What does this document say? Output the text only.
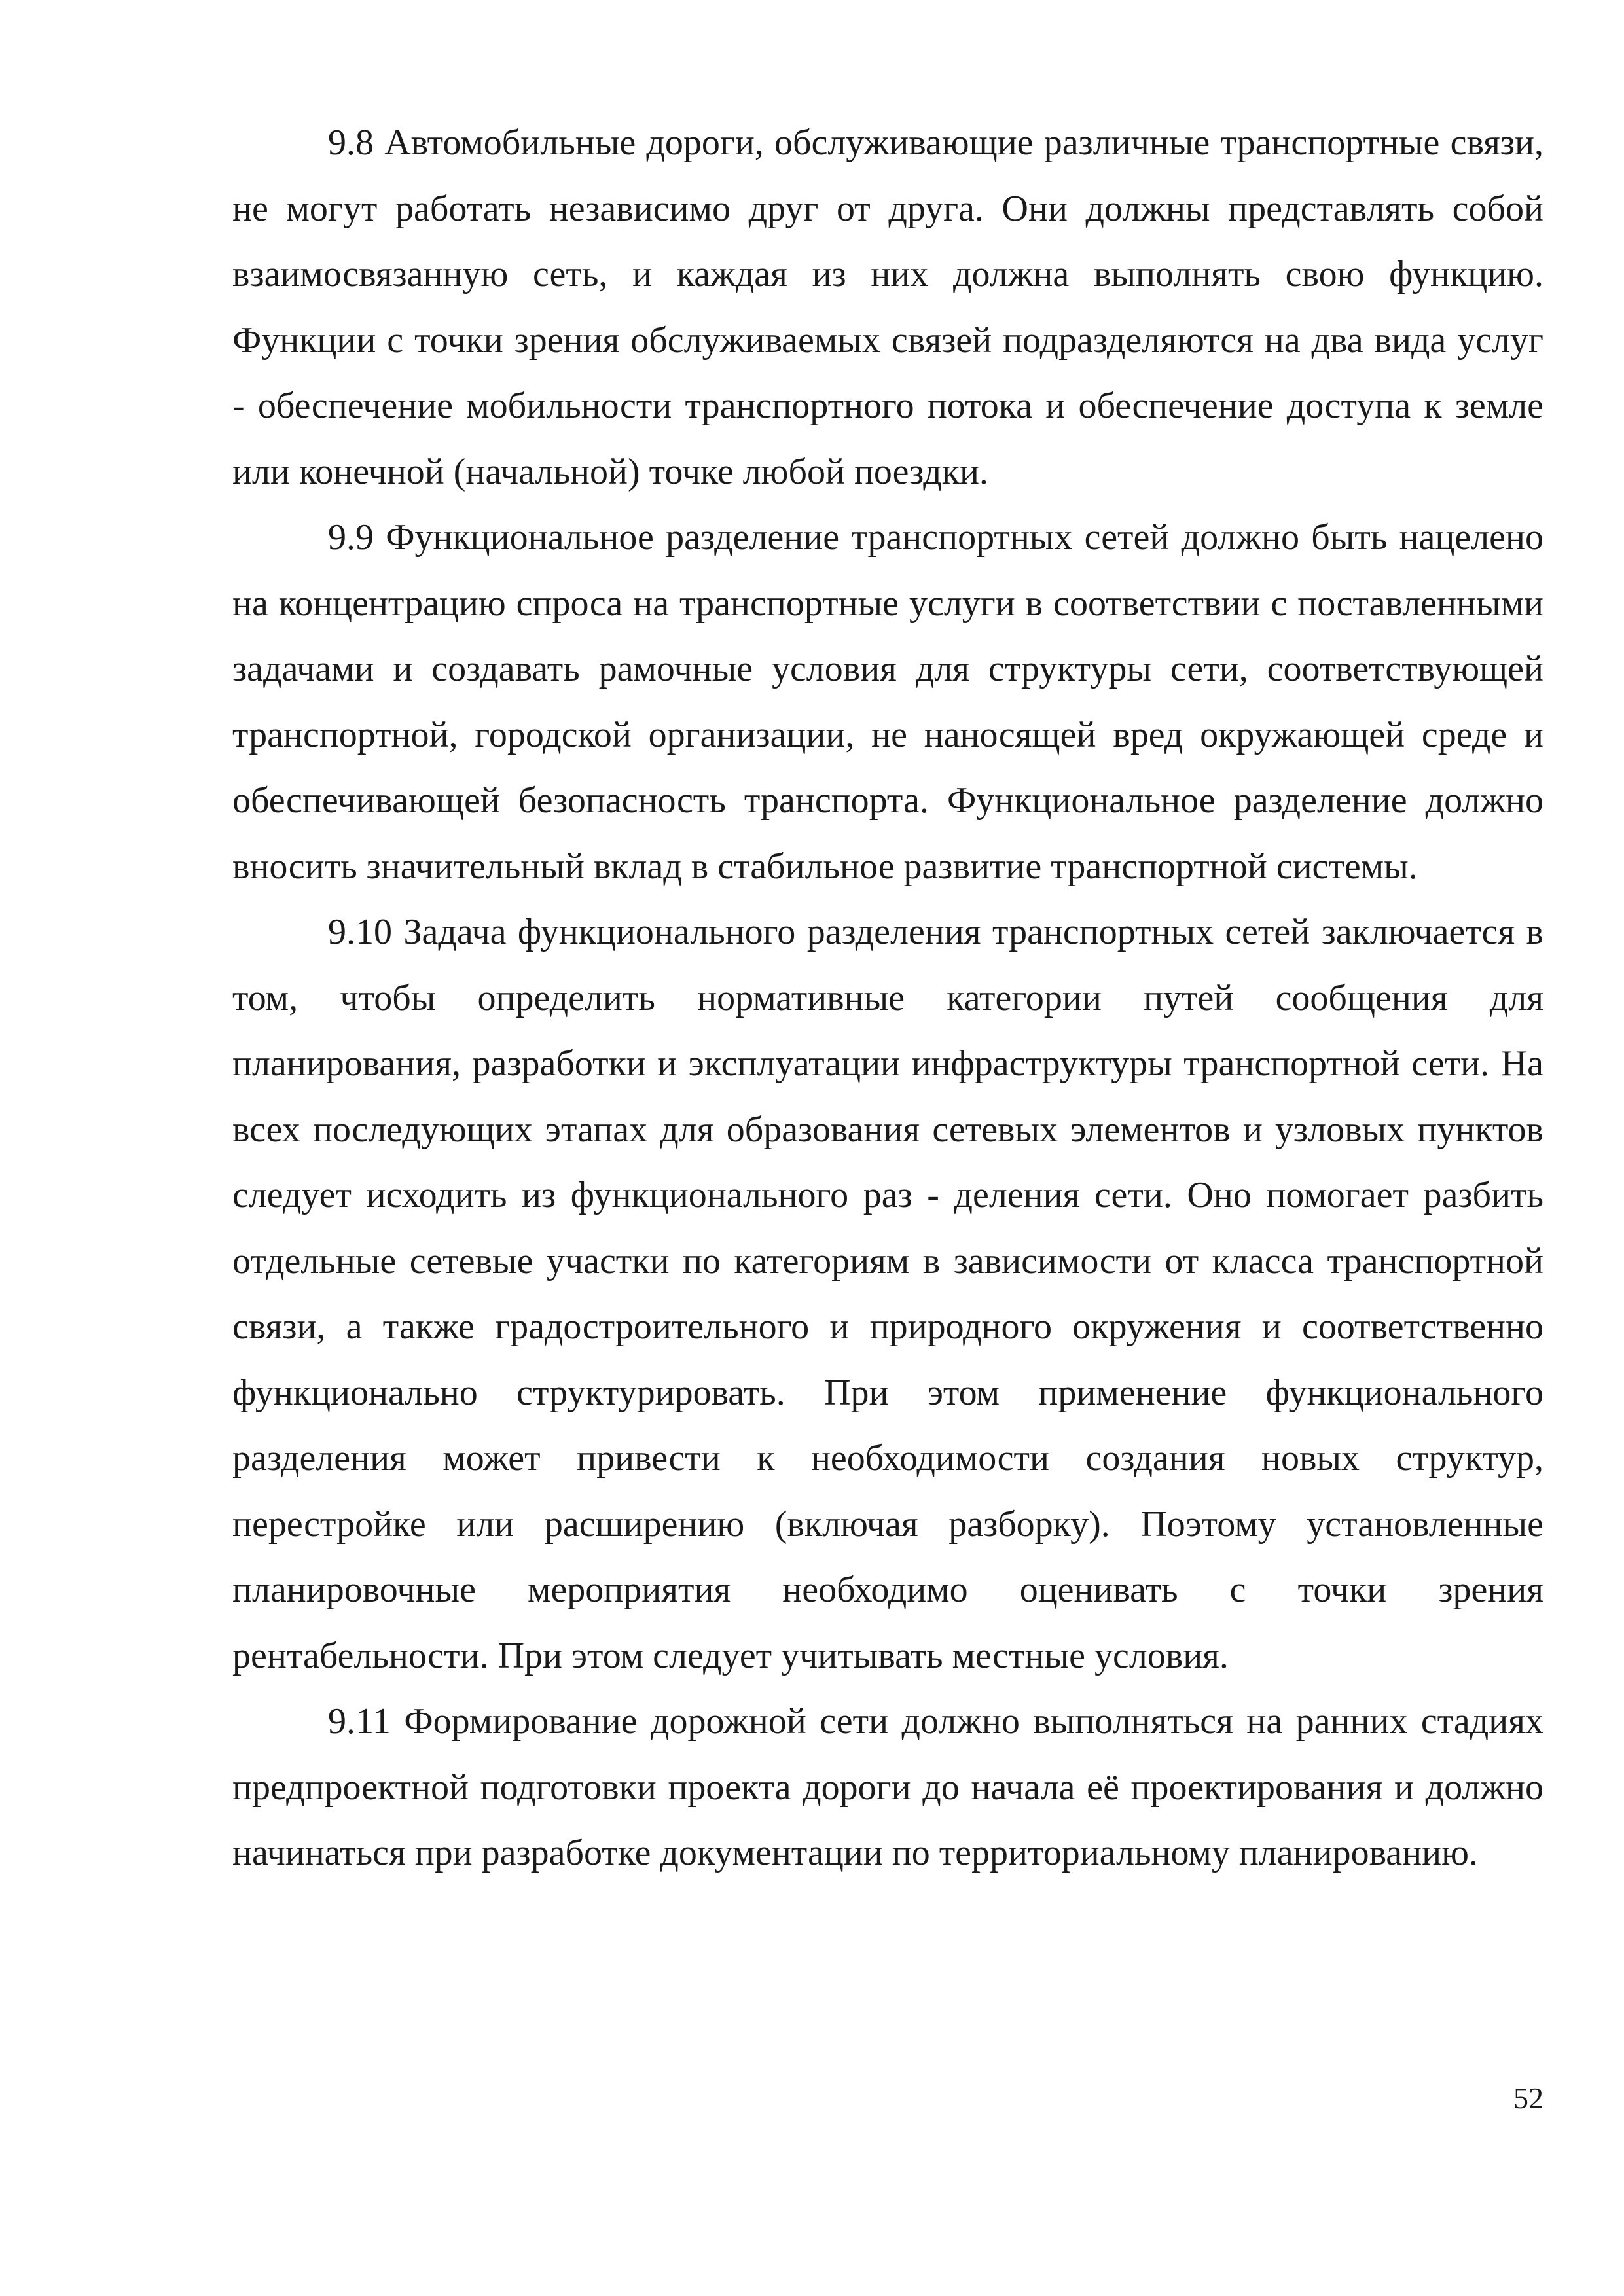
9.8 Автомобильные дороги, обслуживающие различные транспортные связи, не могут работать независимо друг от друга. Они должны представлять собой взаимосвязанную сеть, и каждая из них должна выполнять свою функцию. Функции с точки зрения обслуживаемых связей подразделяются на два вида услуг - обеспечение мобильности транспортного потока и обеспечение доступа к земле или конечной (начальной) точке любой поездки.

9.9 Функциональное разделение транспортных сетей должно быть нацелено на концентрацию спроса на транспортные услуги в соответствии с поставленными задачами и создавать рамочные условия для структуры сети, соответствующей транспортной, городской организации, не наносящей вред окружающей среде и обеспечивающей безопасность транспорта. Функциональное разделение должно вносить значительный вклад в стабильное развитие транспортной системы.

9.10 Задача функционального разделения транспортных сетей заключается в том, чтобы определить нормативные категории путей сообщения для планирования, разработки и эксплуатации инфраструктуры транспортной сети. На всех последующих этапах для образования сетевых элементов и узловых пунктов следует исходить из функционального раз - деления сети. Оно помогает разбить отдельные сетевые участки по категориям в зависимости от класса транспортной связи, а также градостроительного и природного окружения и соответственно функционально структурировать. При этом применение функционального разделения может привести к необходимости создания новых структур, перестройке или расширению (включая разборку). Поэтому установленные планировочные мероприятия необходимо оценивать с точки зрения рентабельности. При этом следует учитывать местные условия.

9.11 Формирование дорожной сети должно выполняться на ранних стадиях предпроектной подготовки проекта дороги до начала её проектирования и должно начинаться при разработке документации по территориальному планированию.

52
